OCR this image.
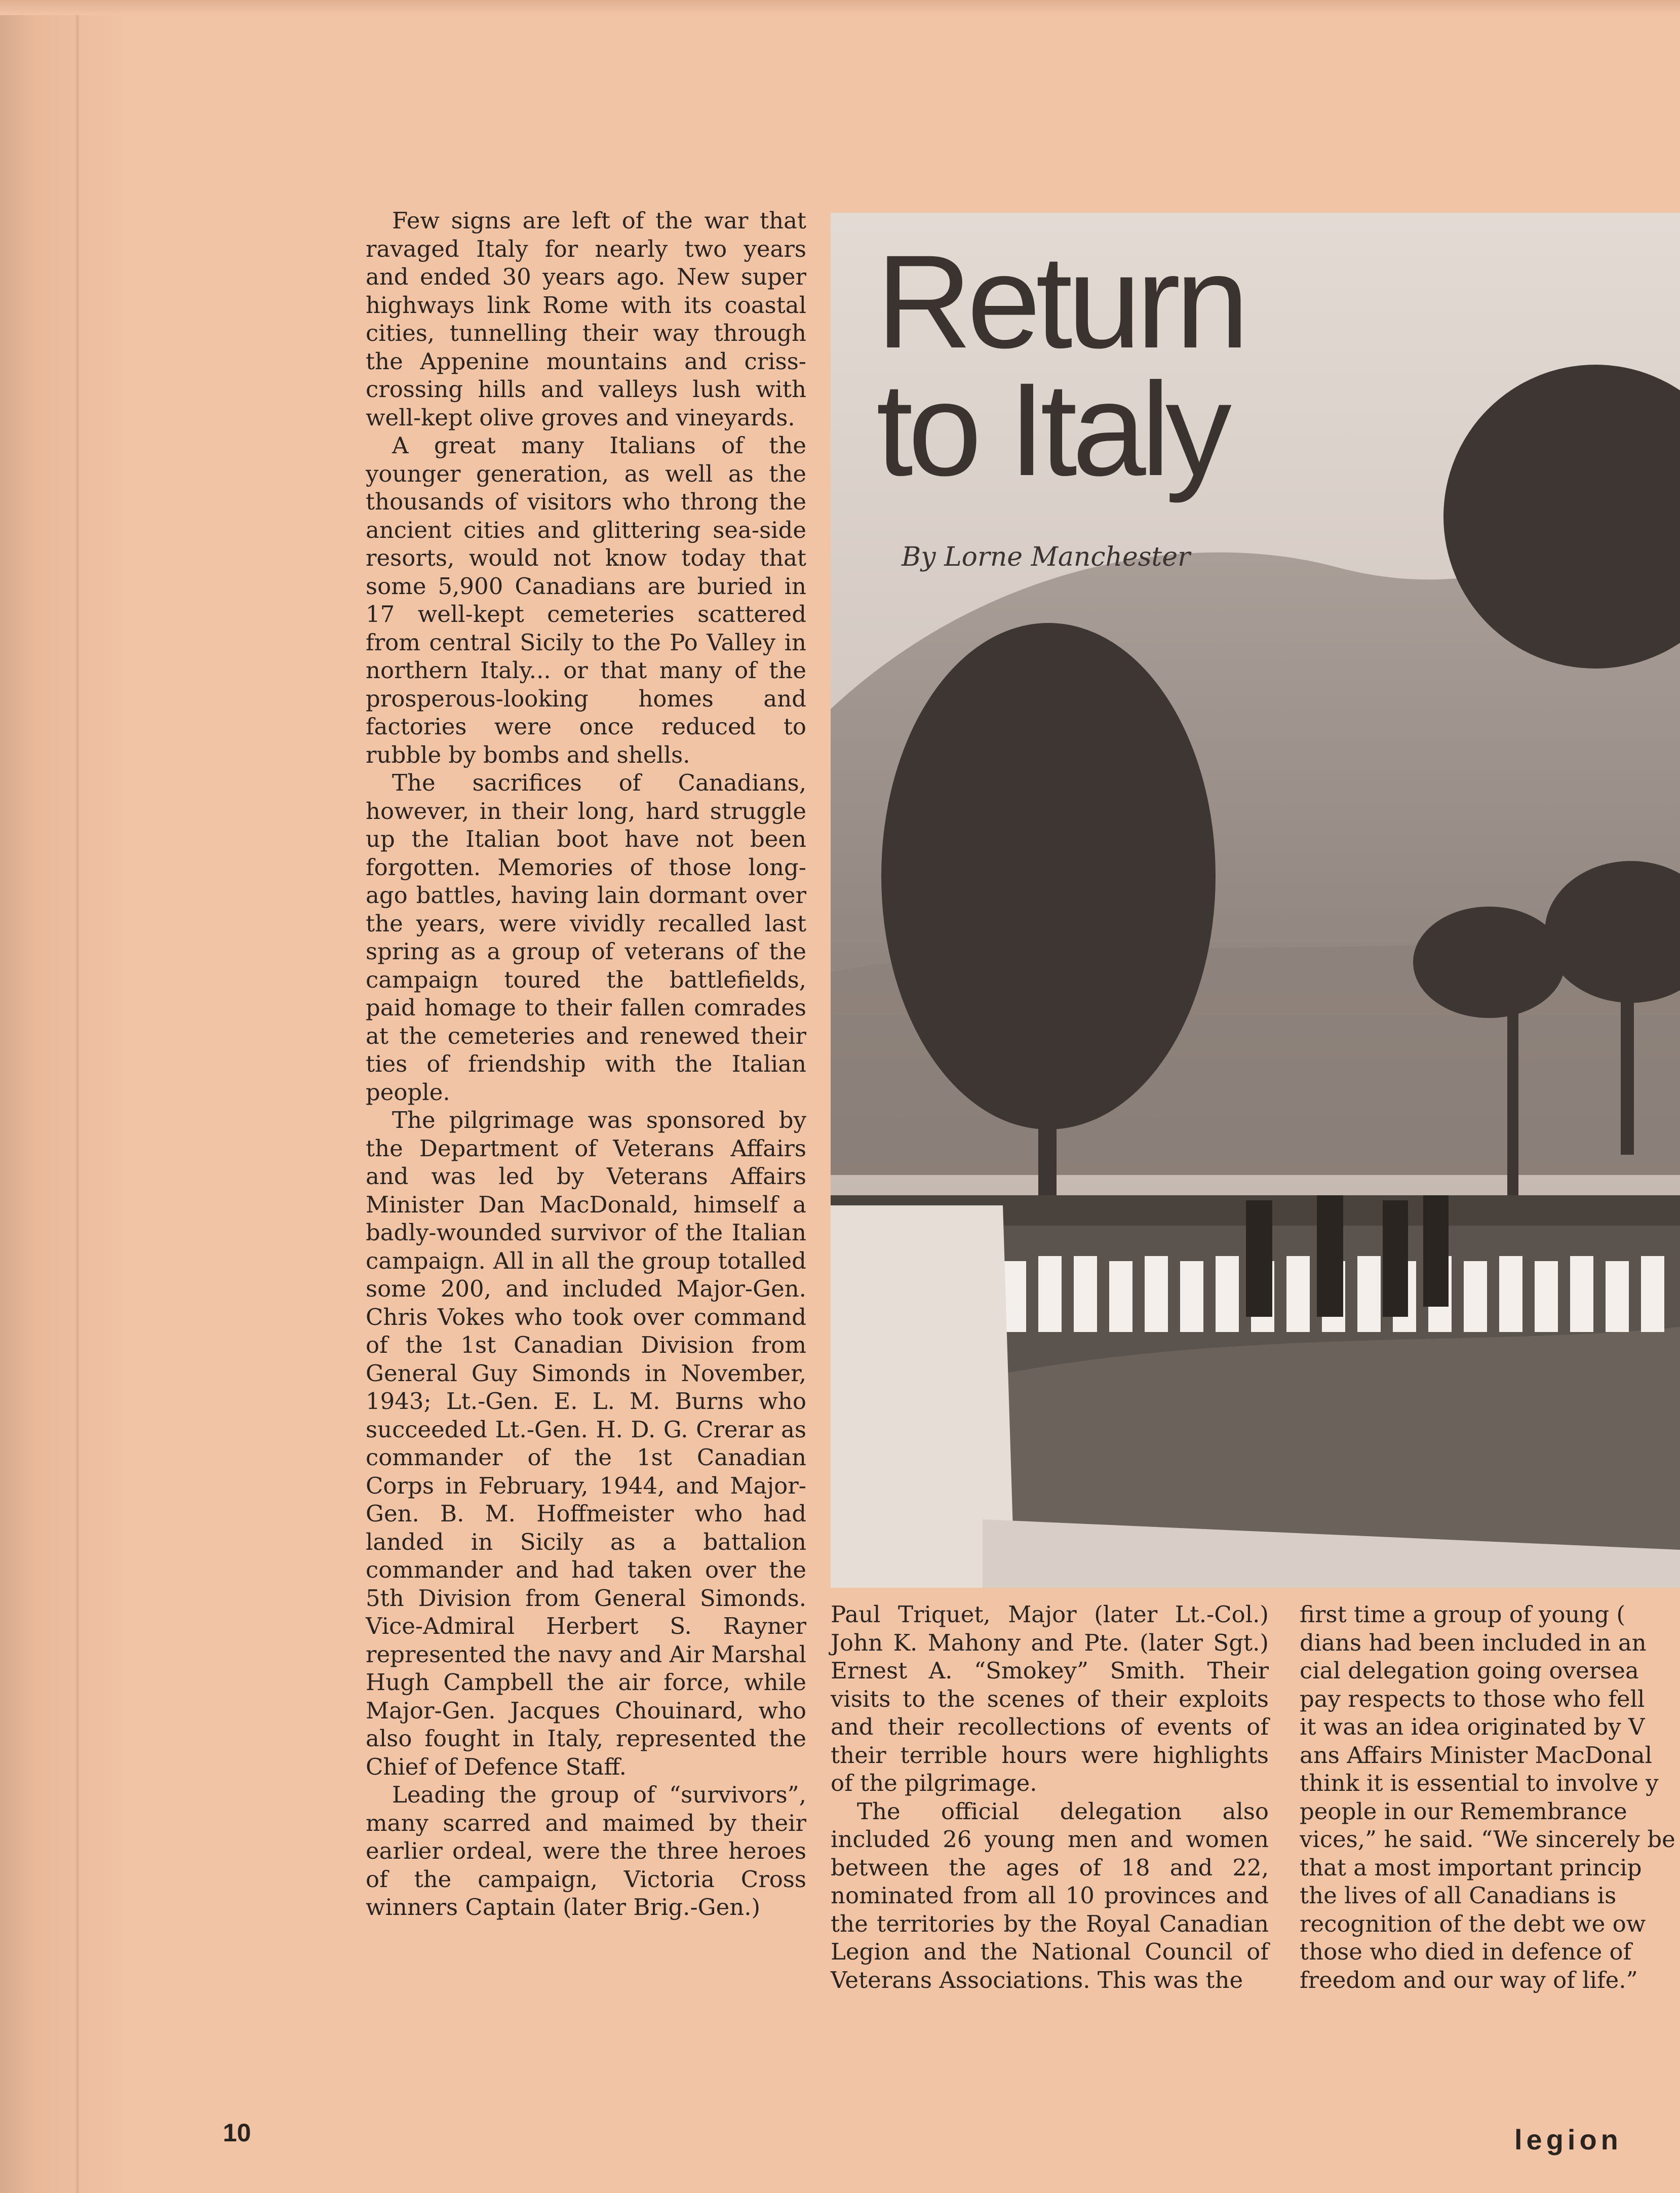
Few signs are left of the war that ravaged Italy for nearly two years and ended 30 years ago. New super highways link Rome with its coastal cities, tunnelling their way through the Appenine mountains and criss-crossing hills and valleys lush with well-kept olive groves and vineyards.

A great many Italians of the younger generation, as well as the thousands of visitors who throng the ancient cities and glittering sea-side resorts, would not know today that some 5,900 Canadians are buried in 17 well-kept cemeteries scattered from central Sicily to the Po Valley in northern Italy... or that many of the prosperous-looking homes and factories were once reduced to rubble by bombs and shells.

The sacrifices of Canadians, however, in their long, hard struggle up the Italian boot have not been forgotten. Memories of those long-ago battles, having lain dormant over the years, were vividly recalled last spring as a group of veterans of the campaign toured the battlefields, paid homage to their fallen comrades at the cemeteries and renewed their ties of friendship with the Italian people.

The pilgrimage was sponsored by the Department of Veterans Affairs and was led by Veterans Affairs Minister Dan MacDonald, himself a badly-wounded survivor of the Italian campaign. All in all the group totalled some 200, and included Major-Gen. Chris Vokes who took over command of the 1st Canadian Division from General Guy Simonds in November, 1943; Lt.-Gen. E. L. M. Burns who succeeded Lt.-Gen. H. D. G. Crerar as commander of the 1st Canadian Corps in February, 1944, and Major-Gen. B. M. Hoffmeister who had landed in Sicily as a battalion commander and had taken over the 5th Division from General Simonds. Vice-Admiral Herbert S. Rayner represented the navy and Air Marshal Hugh Campbell the air force, while Major-Gen. Jacques Chouinard, who also fought in Italy, represented the Chief of Defence Staff.

Leading the group of “survivors”, many scarred and maimed by their earlier ordeal, were the three heroes of the campaign, Victoria Cross winners Captain (later Brig.-Gen.)

Return
to Italy
By Lorne Manchester

Paul Triquet, Major (later Lt.-Col.) John K. Mahony and Pte. (later Sgt.) Ernest A. “Smokey” Smith. Their visits to the scenes of their exploits and their recollections of events of their terrible hours were highlights of the pilgrimage.

The official delegation also included 26 young men and women between the ages of 18 and 22, nominated from all 10 provinces and the territories by the Royal Canadian Legion and the National Council of Veterans Associations. This was the

first time a group of young (

dians had been included in an

cial delegation going oversea

pay respects to those who fell

it was an idea originated by V

ans Affairs Minister MacDonal

think it is essential to involve y

people in our Remembrance

vices,” he said. “We sincerely be

that a most important princip

the lives of all Canadians is

recognition of the debt we ow

those who died in defence of

freedom and our way of life.”

10	legion
